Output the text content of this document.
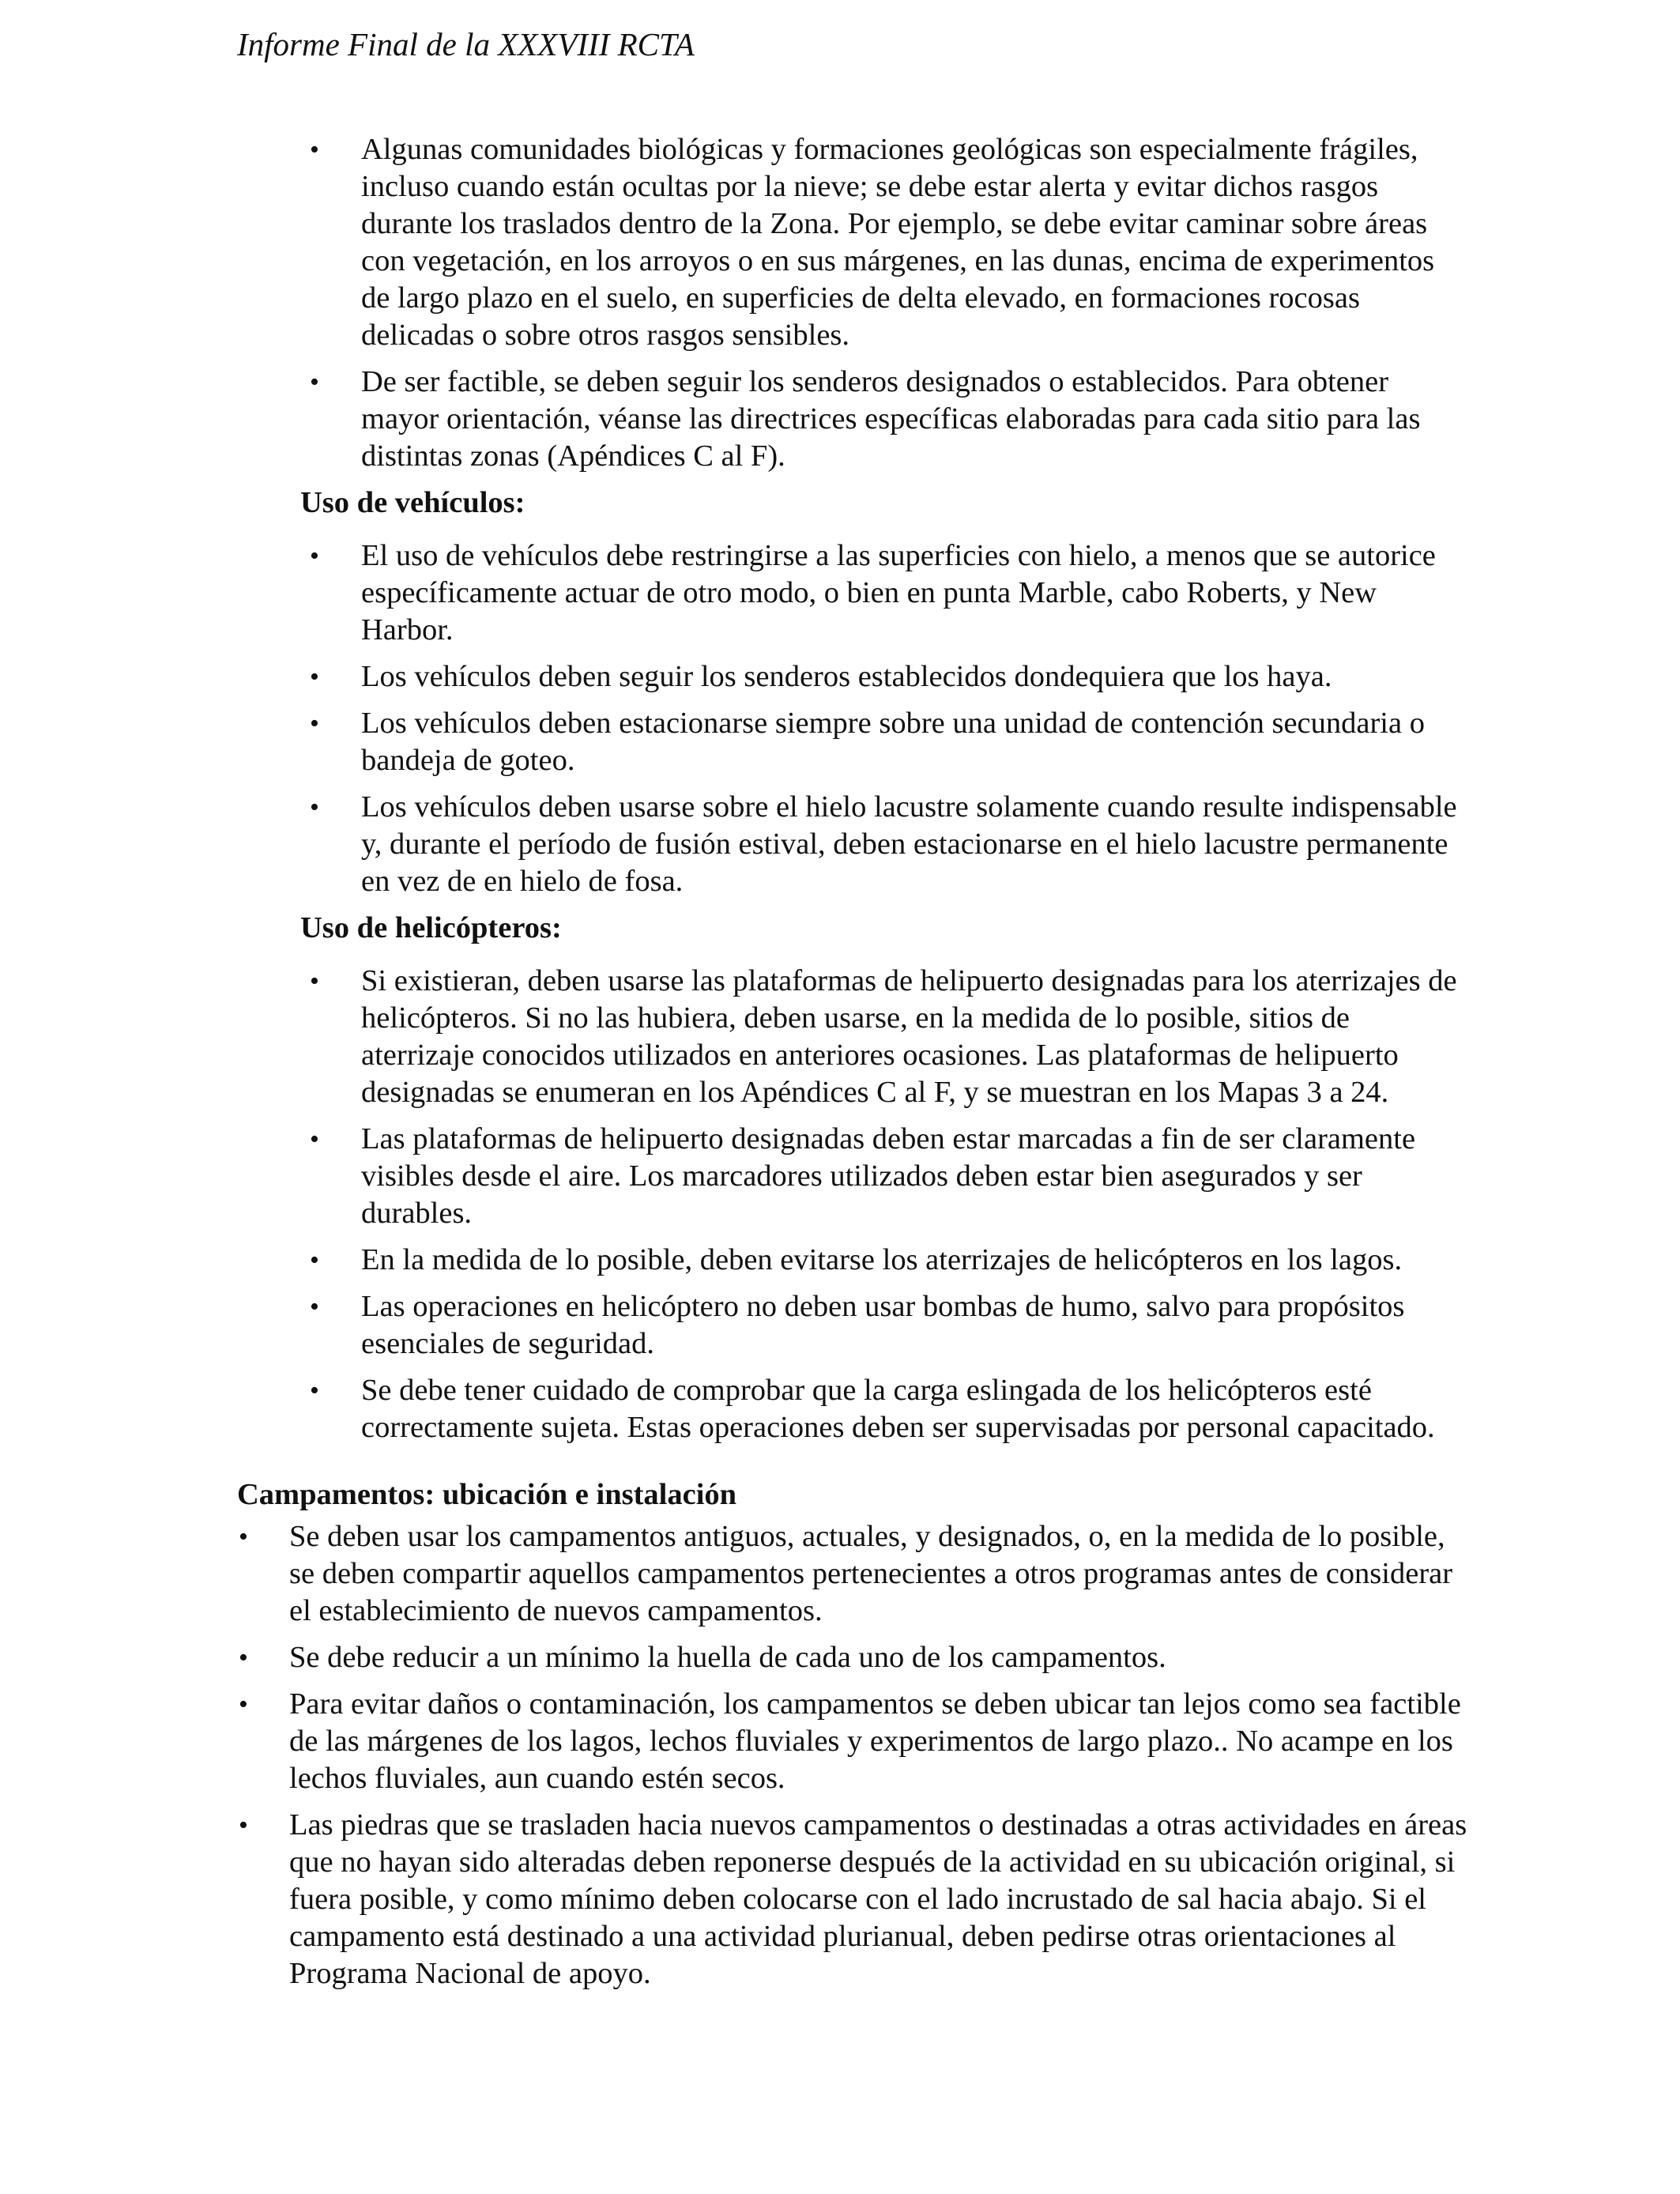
Informe Final de la XXXVIII RCTA
• Algunas comunidades biológicas y formaciones geológicas son especialmente frágiles, incluso cuando están ocultas por la nieve; se debe estar alerta y evitar dichos rasgos durante los traslados dentro de la Zona. Por ejemplo, se debe evitar caminar sobre áreas con vegetación, en los arroyos o en sus márgenes, en las dunas, encima de experimentos de largo plazo en el suelo, en superficies de delta elevado, en formaciones rocosas delicadas o sobre otros rasgos sensibles.
• De ser factible, se deben seguir los senderos designados o establecidos. Para obtener mayor orientación, véanse las directrices específicas elaboradas para cada sitio para las distintas zonas (Apéndices C al F).
Uso de vehículos:
• El uso de vehículos debe restringirse a las superficies con hielo, a menos que se autorice específicamente actuar de otro modo, o bien en punta Marble, cabo Roberts, y New Harbor.
• Los vehículos deben seguir los senderos establecidos dondequiera que los haya.
• Los vehículos deben estacionarse siempre sobre una unidad de contención secundaria o bandeja de goteo.
• Los vehículos deben usarse sobre el hielo lacustre solamente cuando resulte indispensable y, durante el período de fusión estival, deben estacionarse en el hielo lacustre permanente en vez de en hielo de fosa.
Uso de helicópteros:
• Si existieran, deben usarse las plataformas de helipuerto designadas para los aterrizajes de helicópteros. Si no las hubiera, deben usarse, en la medida de lo posible, sitios de aterrizaje conocidos utilizados en anteriores ocasiones. Las plataformas de helipuerto designadas se enumeran en los Apéndices C al F, y se muestran en los Mapas 3 a 24.
• Las plataformas de helipuerto designadas deben estar marcadas a fin de ser claramente visibles desde el aire. Los marcadores utilizados deben estar bien asegurados y ser durables.
• En la medida de lo posible, deben evitarse los aterrizajes de helicópteros en los lagos.
• Las operaciones en helicóptero no deben usar bombas de humo, salvo para propósitos esenciales de seguridad.
• Se debe tener cuidado de comprobar que la carga eslingada de los helicópteros esté correctamente sujeta. Estas operaciones deben ser supervisadas por personal capacitado.
Campamentos: ubicación e instalación
• Se deben usar los campamentos antiguos, actuales, y designados, o, en la medida de lo posible, se deben compartir aquellos campamentos pertenecientes a otros programas antes de considerar el establecimiento de nuevos campamentos.
• Se debe reducir a un mínimo la huella de cada uno de los campamentos.
• Para evitar daños o contaminación, los campamentos se deben ubicar tan lejos como sea factible de las márgenes de los lagos, lechos fluviales y experimentos de largo plazo.. No acampe en los lechos fluviales, aun cuando estén secos.
• Las piedras que se trasladen hacia nuevos campamentos o destinadas a otras actividades en áreas que no hayan sido alteradas deben reponerse después de la actividad en su ubicación original, si fuera posible, y como mínimo deben colocarse con el lado incrustado de sal hacia abajo. Si el campamento está destinado a una actividad plurianual, deben pedirse otras orientaciones al Programa Nacional de apoyo.
